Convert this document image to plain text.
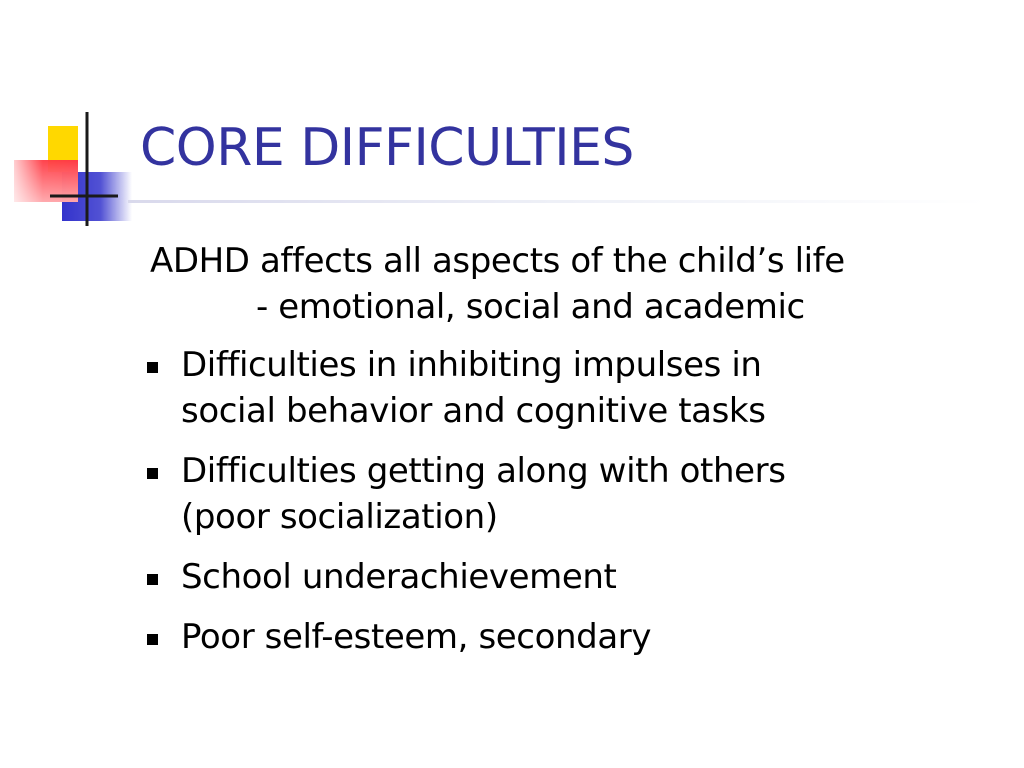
CORE DIFFICULTIES
ADHD affects all aspects of the child’s life
- emotional, social and academic
Difficulties in inhibiting impulses in
social behavior and cognitive tasks
Difficulties getting along with others
(poor socialization)
School underachievement
Poor self-esteem, secondary
